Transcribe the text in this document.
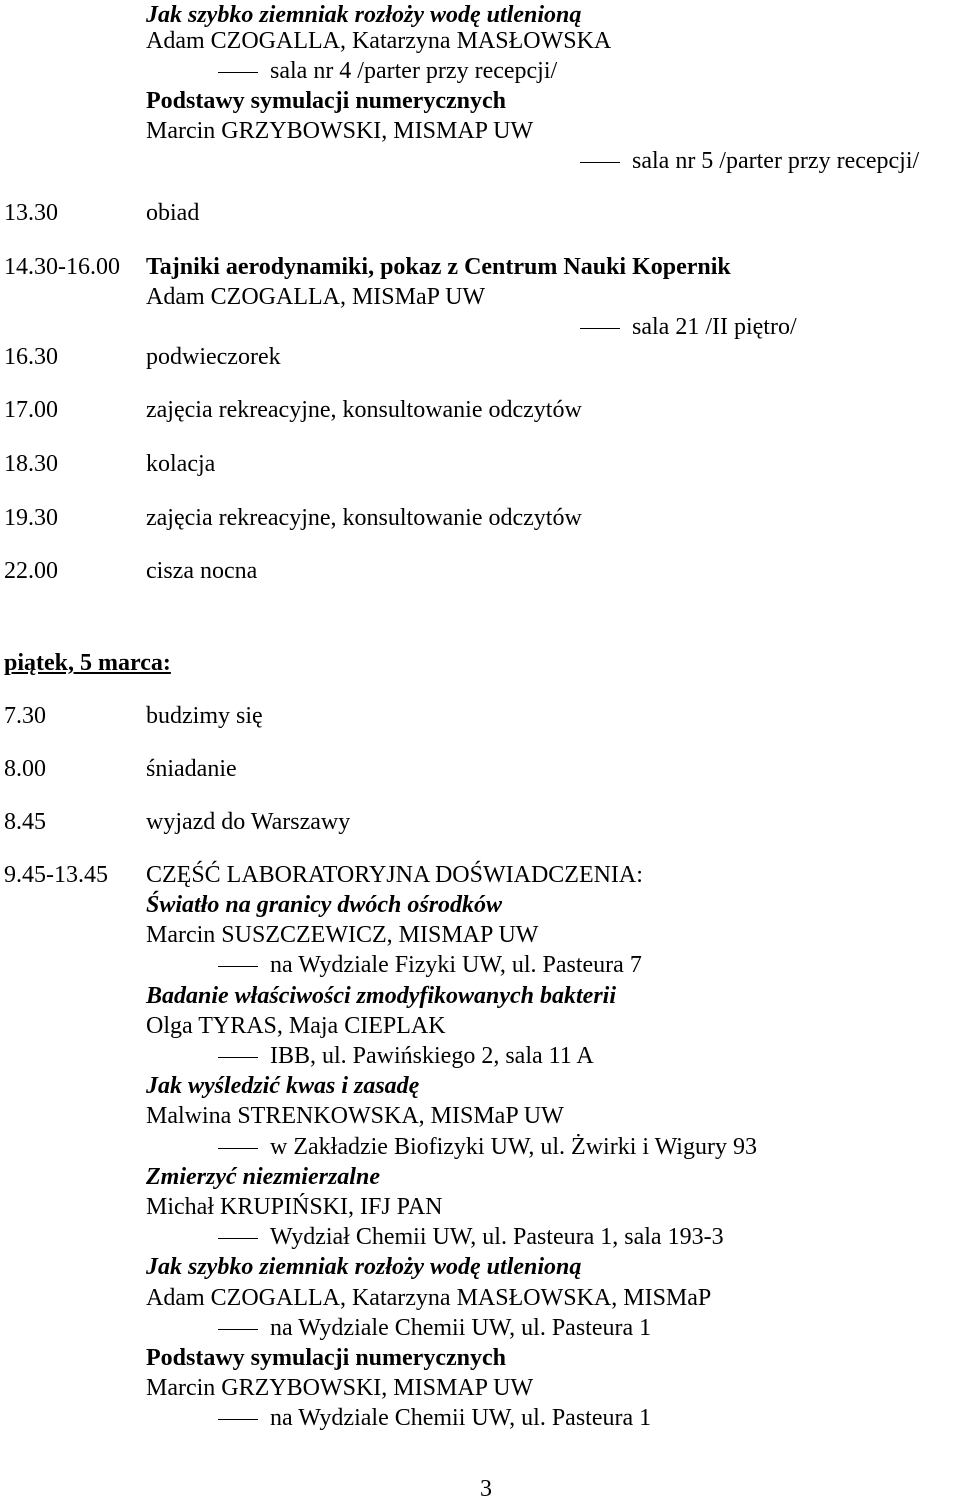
Jak szybko ziemniak rozłoży wodę utlenioną
Adam CZOGALLA, Katarzyna MASŁOWSKA
sala nr 4 /parter przy recepcji/
Podstawy symulacji numerycznych
Marcin GRZYBOWSKI, MISMAP UW
sala nr 5 /parter przy recepcji/
13.30	obiad
14.30-16.00 Tajniki aerodynamiki, pokaz z Centrum Nauki Kopernik
Adam CZOGALLA, MISMaP UW
sala 21 /II piętro/
16.30	podwieczorek
17.00	zajęcia rekreacyjne, konsultowanie odczytów
18.30	kolacja
19.30	zajęcia rekreacyjne, konsultowanie odczytów
22.00	cisza nocna
piątek, 5 marca:
7.30	budzimy się
8.00	śniadanie
8.45	wyjazd do Warszawy
9.45-13.45 CZĘŚĆ LABORATORYJNA DOŚWIADCZENIA:
Światło na granicy dwóch ośrodków
Marcin SUSZCZEWICZ, MISMAP UW
na Wydziale Fizyki UW, ul. Pasteura 7
Badanie właściwości zmodyfikowanych bakterii
Olga TYRAS, Maja CIEPLAK
IBB, ul. Pawińskiego 2, sala 11 A
Jak wyśledzić kwas i zasadę
Malwina STRENKOWSKA, MISMaP UW
w Zakładzie Biofizyki UW, ul. Żwirki i Wigury 93
Zmierzyć niezmierzalne
Michał KRUPIŃSKI, IFJ PAN
Wydział Chemii UW, ul. Pasteura 1, sala 193-3
Jak szybko ziemniak rozłoży wodę utlenioną
Adam CZOGALLA, Katarzyna MASŁOWSKA, MISMaP
na Wydziale Chemii UW, ul. Pasteura 1
Podstawy symulacji numerycznych
Marcin GRZYBOWSKI, MISMAP UW
na Wydziale Chemii UW, ul. Pasteura 1
3
